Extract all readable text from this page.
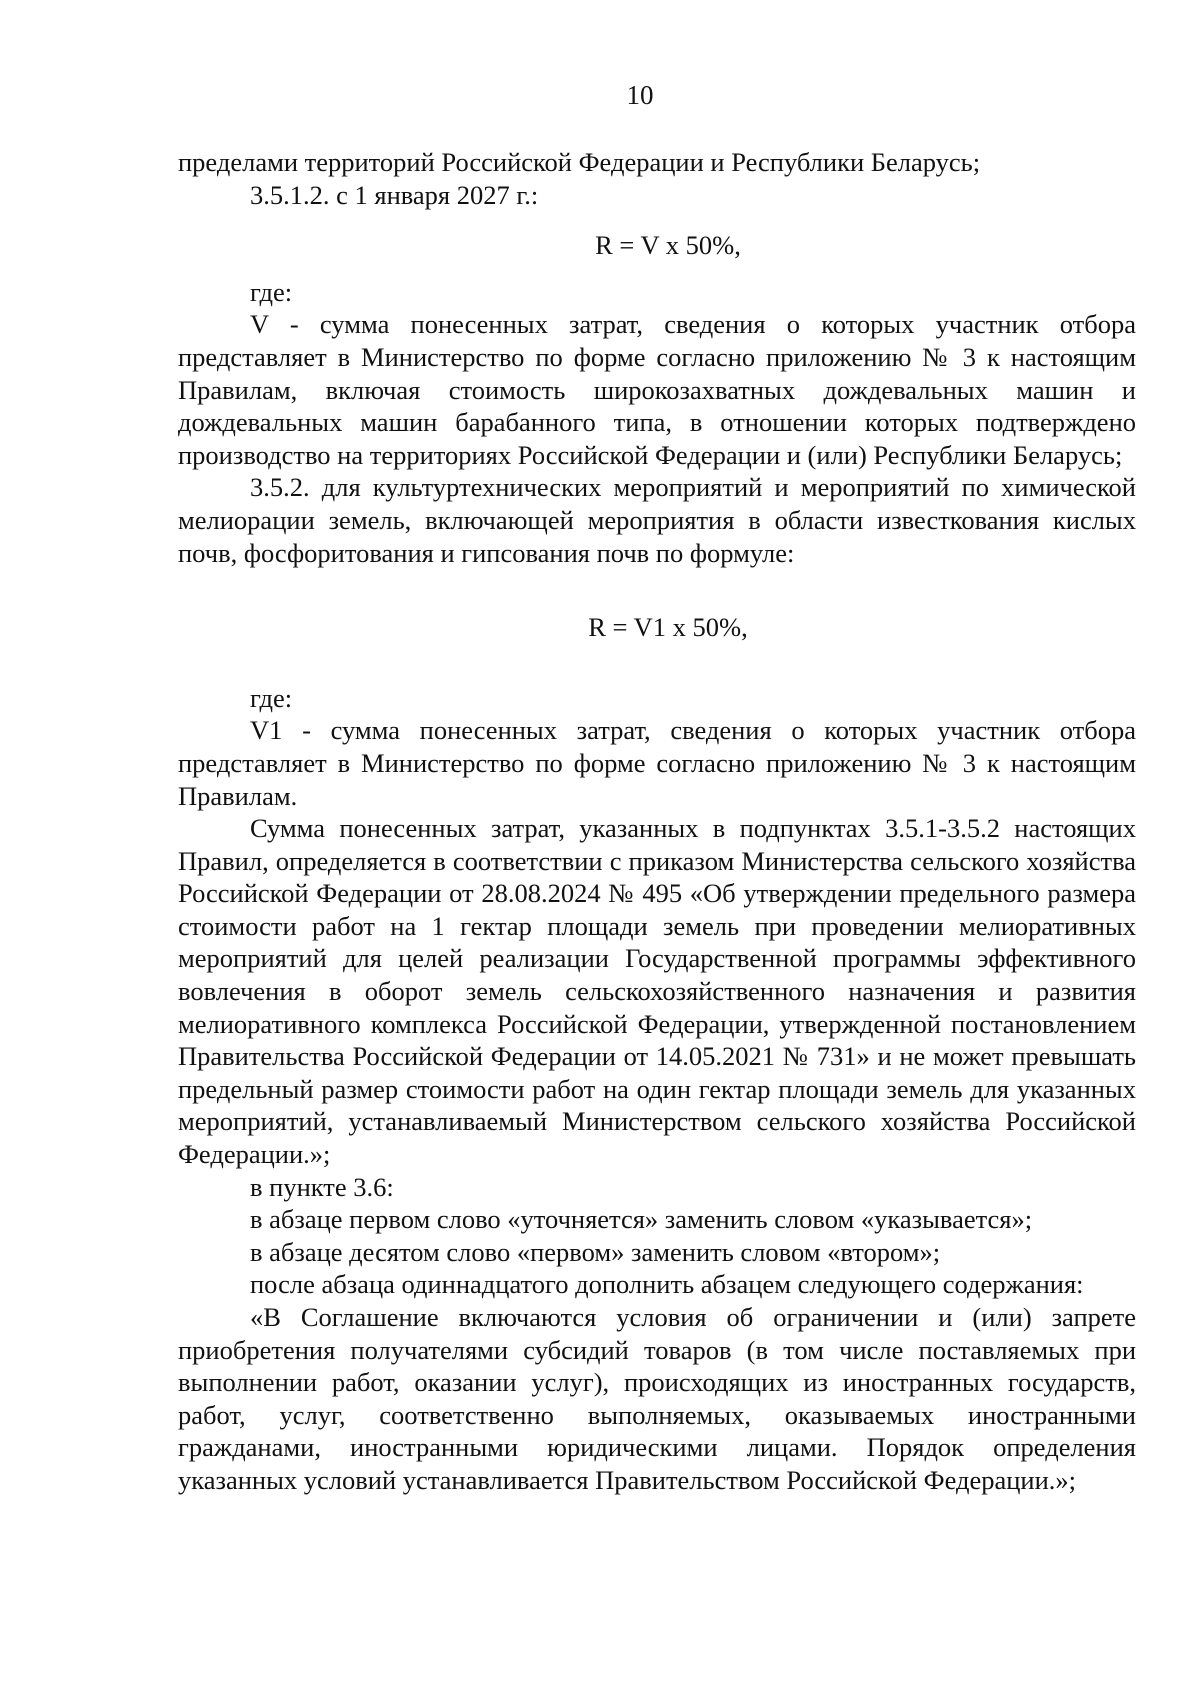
10

пределами территорий Российской Федерации и Республики Беларусь;

3.5.1.2. с 1 января 2027 г.:

R = V x 50%,

где:

V - сумма понесенных затрат, сведения о которых участник отбора представляет в Министерство по форме согласно приложению № 3 к настоящим Правилам, включая стоимость широкозахватных дождевальных машин и дождевальных машин барабанного типа, в отношении которых подтверждено производство на территориях Российской Федерации и (или) Республики Беларусь;

3.5.2. для культуртехнических мероприятий и мероприятий по химической мелиорации земель, включающей мероприятия в области известкования кислых почв, фосфоритования и гипсования почв по формуле:

R = V1 x 50%,

где:

V1 - сумма понесенных затрат, сведения о которых участник отбора представляет в Министерство по форме согласно приложению № 3 к настоящим Правилам.

Сумма понесенных затрат, указанных в подпунктах 3.5.1-3.5.2 настоящих Правил, определяется в соответствии с приказом Министерства сельского хозяйства Российской Федерации от 28.08.2024 № 495 «Об утверждении предельного размера стоимости работ на 1 гектар площади земель при проведении мелиоративных мероприятий для целей реализации Государственной программы эффективного вовлечения в оборот земель сельскохозяйственного назначения и развития мелиоративного комплекса Российской Федерации, утвержденной постановлением Правительства Российской Федерации от 14.05.2021 № 731» и не может превышать предельный размер стоимости работ на один гектар площади земель для указанных мероприятий, устанавливаемый Министерством сельского хозяйства Российской Федерации.»;

в пункте 3.6:

в абзаце первом слово «уточняется» заменить словом «указывается»;

в абзаце десятом слово «первом» заменить словом «втором»;

после абзаца одиннадцатого дополнить абзацем следующего содержания:

«В Соглашение включаются условия об ограничении и (или) запрете приобретения получателями субсидий товаров (в том числе поставляемых при выполнении работ, оказании услуг), происходящих из иностранных государств, работ, услуг, соответственно выполняемых, оказываемых иностранными гражданами, иностранными юридическими лицами. Порядок определения указанных условий устанавливается Правительством Российской Федерации.»;
